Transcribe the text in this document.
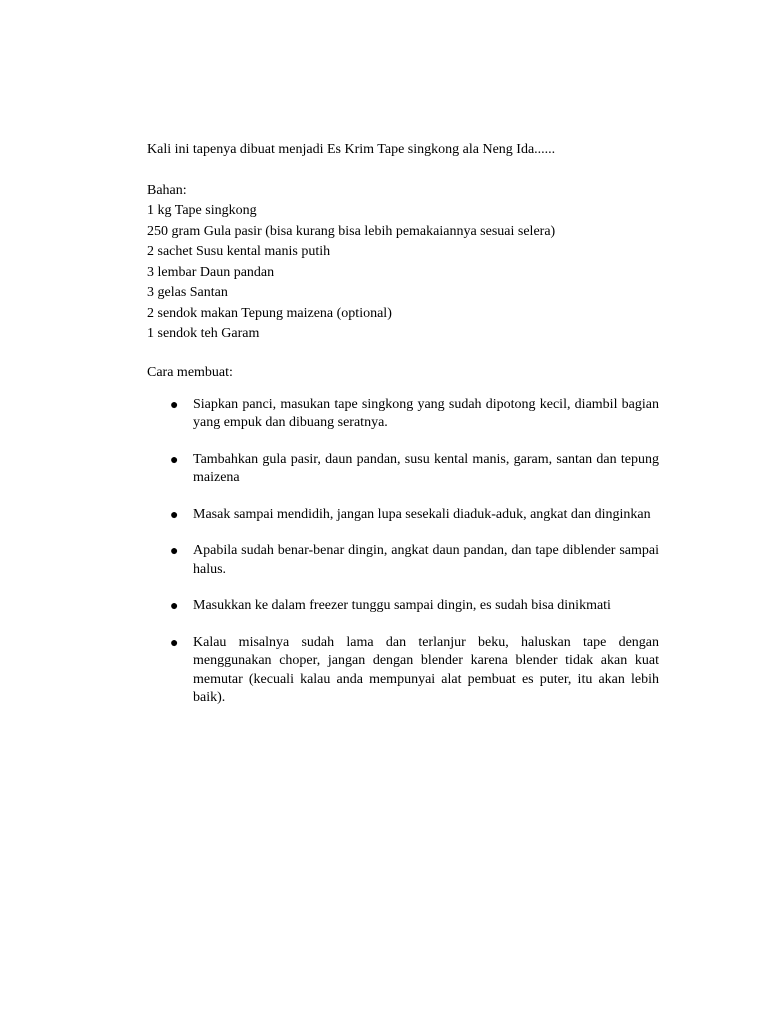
Kali ini tapenya dibuat menjadi Es Krim Tape singkong ala Neng Ida......

Bahan:

1 kg Tape singkong
250 gram Gula pasir (bisa kurang bisa lebih pemakaiannya sesuai selera)
2 sachet Susu kental manis putih
3 lembar Daun pandan
3 gelas Santan
2 sendok makan Tepung maizena (optional)
1 sendok teh Garam

Cara membuat:

● Siapkan panci, masukan tape singkong yang sudah dipotong kecil, diambil bagian yang empuk dan dibuang seratnya.
● Tambahkan gula pasir, daun pandan, susu kental manis, garam, santan dan tepung maizena
● Masak sampai mendidih, jangan lupa sesekali diaduk-aduk, angkat dan dinginkan
● Apabila sudah benar-benar dingin, angkat daun pandan, dan tape diblender sampai halus.
● Masukkan ke dalam freezer tunggu sampai dingin, es sudah bisa dinikmati
● Kalau misalnya sudah lama dan terlanjur beku, haluskan tape dengan menggunakan choper, jangan dengan blender karena blender tidak akan kuat memutar (kecuali kalau anda mempunyai alat pembuat es puter, itu akan lebih baik).
